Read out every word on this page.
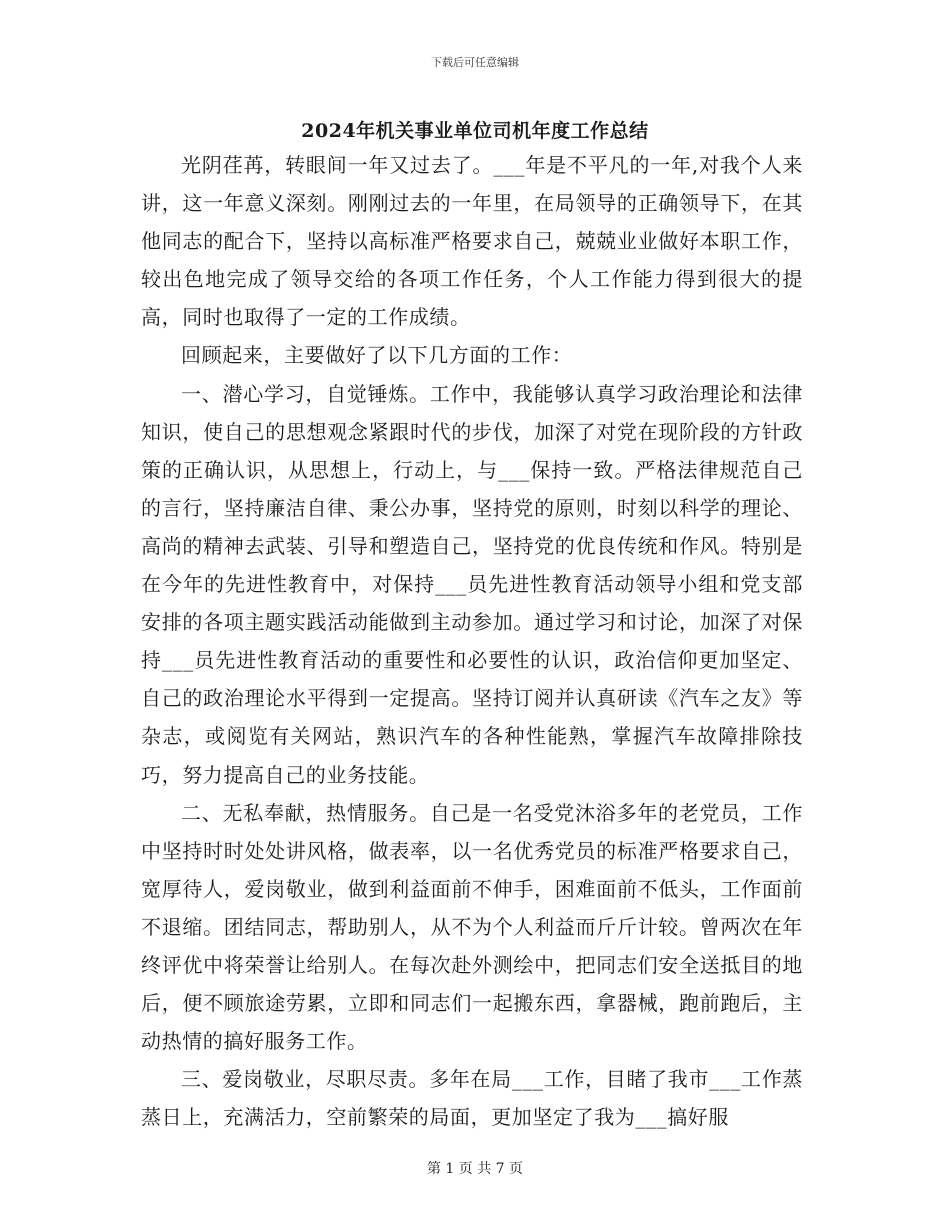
下载后可任意编辑
2024年机关事业单位司机年度工作总结

光阴荏苒，转眼间一年又过去了。___年是不平凡的一年,对我个人来讲，这一年意义深刻。刚刚过去的一年里，在局领导的正确领导下，在其他同志的配合下，坚持以高标准严格要求自己，兢兢业业做好本职工作，较出色地完成了领导交给的各项工作任务，个人工作能力得到很大的提高，同时也取得了一定的工作成绩。

回顾起来，主要做好了以下几方面的工作：

一、潜心学习，自觉锤炼。工作中，我能够认真学习政治理论和法律知识，使自己的思想观念紧跟时代的步伐，加深了对党在现阶段的方针政策的正确认识，从思想上，行动上，与___保持一致。严格法律规范自己的言行，坚持廉洁自律、秉公办事，坚持党的原则，时刻以科学的理论、高尚的精神去武装、引导和塑造自己，坚持党的优良传统和作风。特别是在今年的先进性教育中，对保持___员先进性教育活动领导小组和党支部安排的各项主题实践活动能做到主动参加。通过学习和讨论，加深了对保持___员先进性教育活动的重要性和必要性的认识，政治信仰更加坚定、自己的政治理论水平得到一定提高。坚持订阅并认真研读《汽车之友》等杂志，或阅览有关网站，熟识汽车的各种性能熟，掌握汽车故障排除技巧，努力提高自己的业务技能。

二、无私奉献，热情服务。自己是一名受党沐浴多年的老党员，工作中坚持时时处处讲风格，做表率，以一名优秀党员的标准严格要求自己，宽厚待人，爱岗敬业，做到利益面前不伸手，困难面前不低头，工作面前不退缩。团结同志，帮助别人，从不为个人利益而斤斤计较。曾两次在年终评优中将荣誉让给别人。在每次赴外测绘中，把同志们安全送抵目的地后，便不顾旅途劳累，立即和同志们一起搬东西，拿器械，跑前跑后，主动热情的搞好服务工作。

三、爱岗敬业，尽职尽责。多年在局___工作，目睹了我市___工作蒸蒸日上，充满活力，空前繁荣的局面，更加坚定了我为___搞好服

第 1 页 共 7 页
